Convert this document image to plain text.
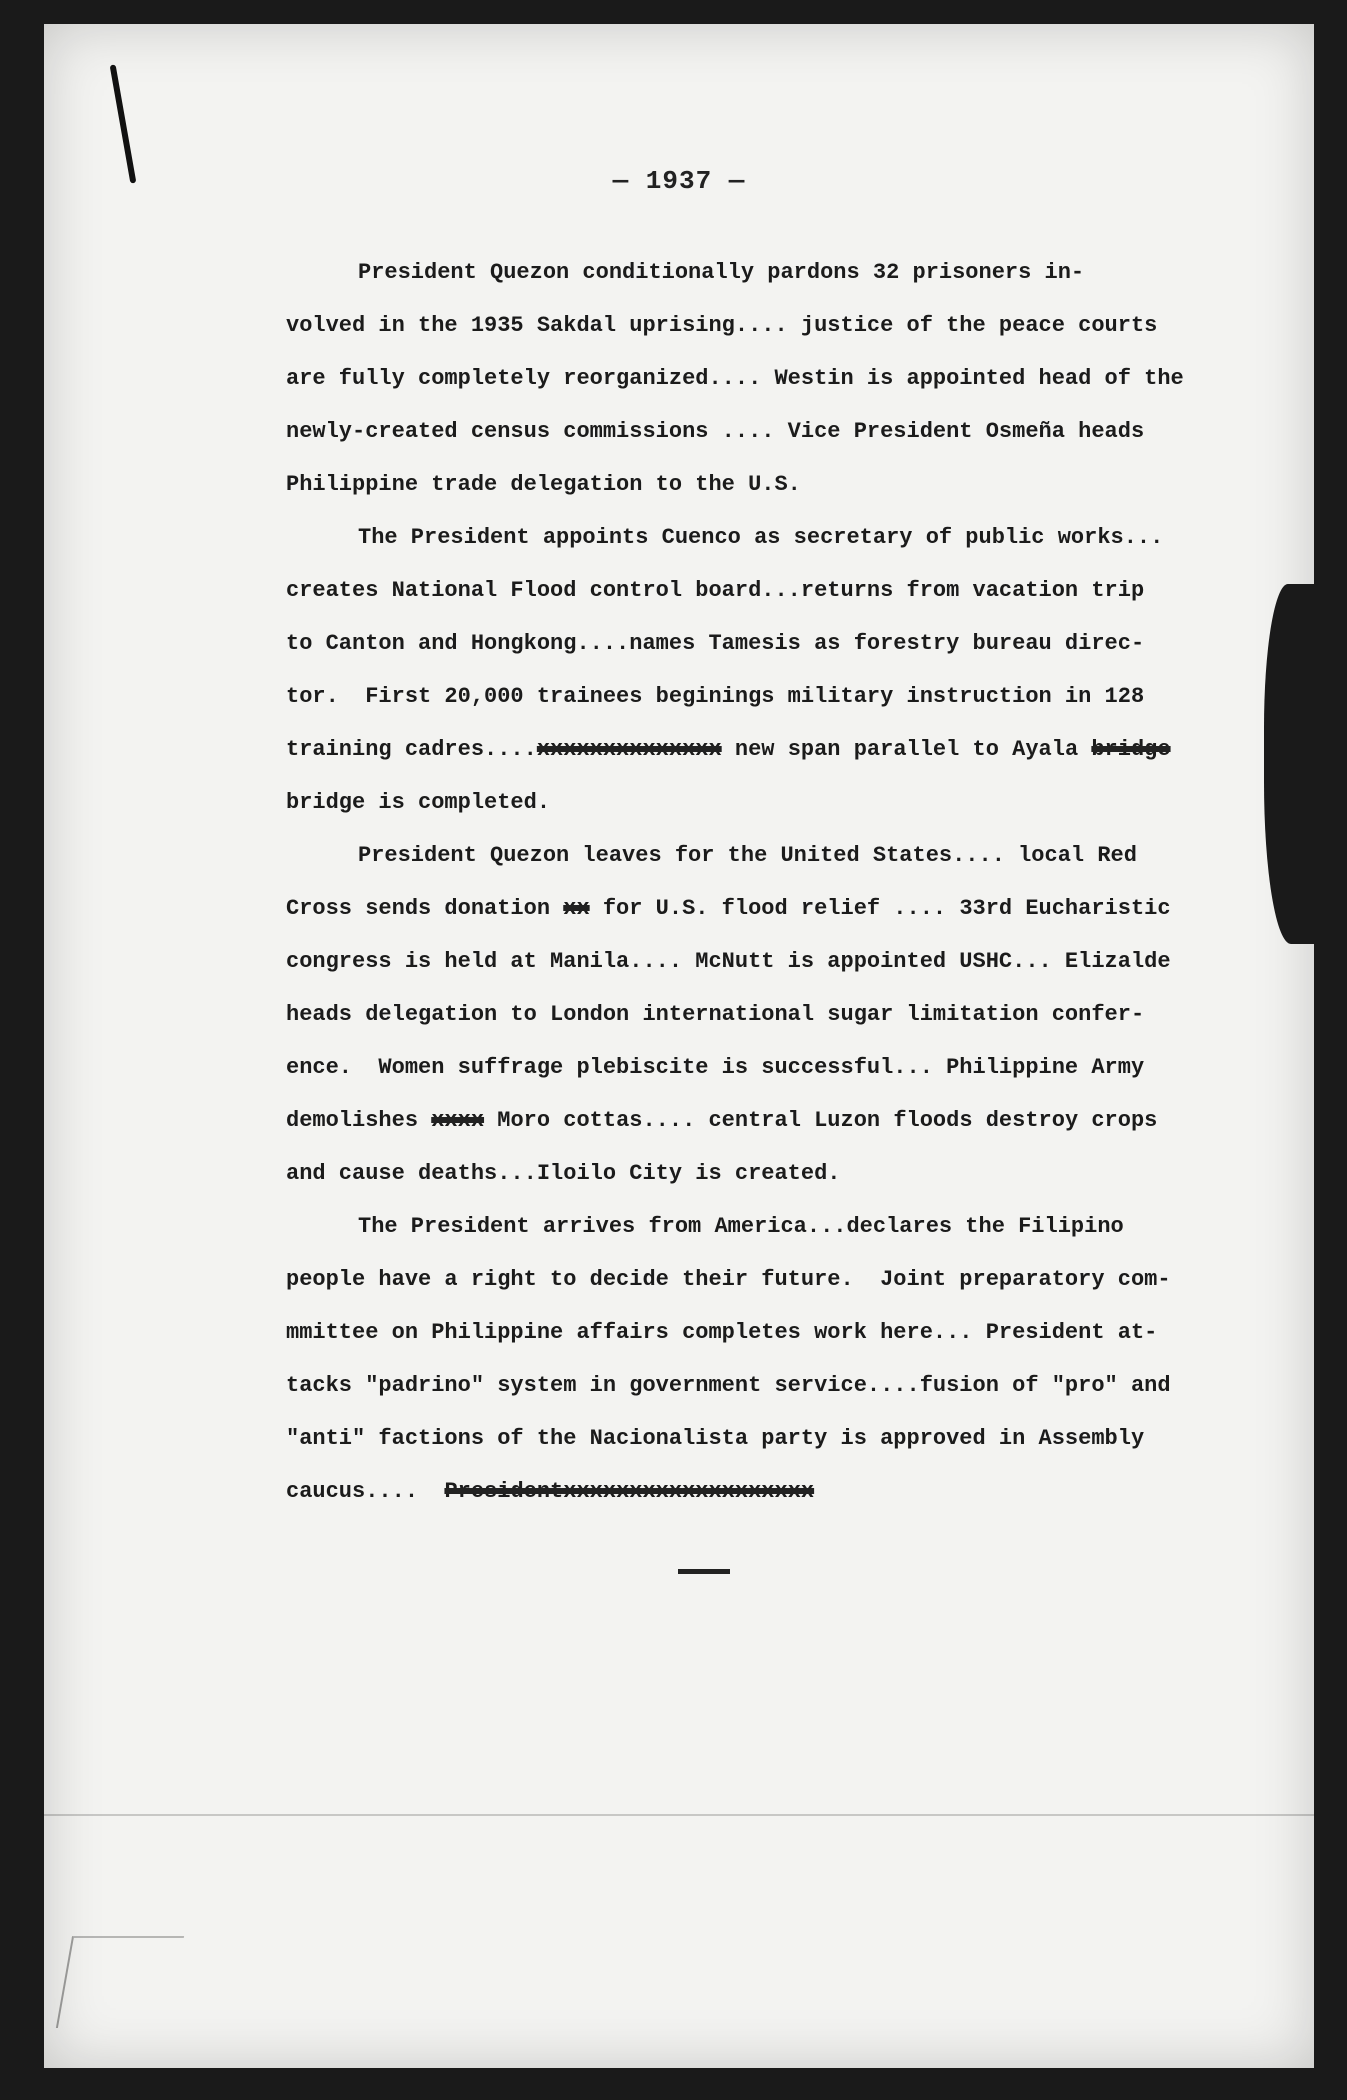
— 1937 —
President Quezon conditionally pardons 32 prisoners in-
volved in the 1935 Sakdal uprising.... justice of the peace courts
are fully completely reorganized.... Westin is appointed head of the
newly-created census commissions .... Vice President Osmeña heads
Philippine trade delegation to the U.S.
The President appoints Cuenco as secretary of public works...
creates National Flood control board...returns from vacation trip
to Canton and Hongkong....names Tamesis as forestry bureau direc-
tor.  First 20,000 trainees beginings military instruction in 128
training cadres....xxxxxxxxxxxxxx new span parallel to Ayala bridge
bridge is completed.
President Quezon leaves for the United States.... local Red
Cross sends donation xx for U.S. flood relief .... 33rd Eucharistic
congress is held at Manila.... McNutt is appointed USHC... Elizalde
heads delegation to London international sugar limitation confer-
ence.  Women suffrage plebiscite is successful... Philippine Army
demolishes xxxx Moro cottas.... central Luzon floods destroy crops
and cause deaths...Iloilo City is created.
The President arrives from America...declares the Filipino
people have a right to decide their future.  Joint preparatory com-
mmittee on Philippine affairs completes work here... President at-
tacks "padrino" system in government service....fusion of "pro" and
"anti" factions of the Nacionalista party is approved in Assembly
caucus....  Presidentxxxxxxxxxxxxxxxxxxx
